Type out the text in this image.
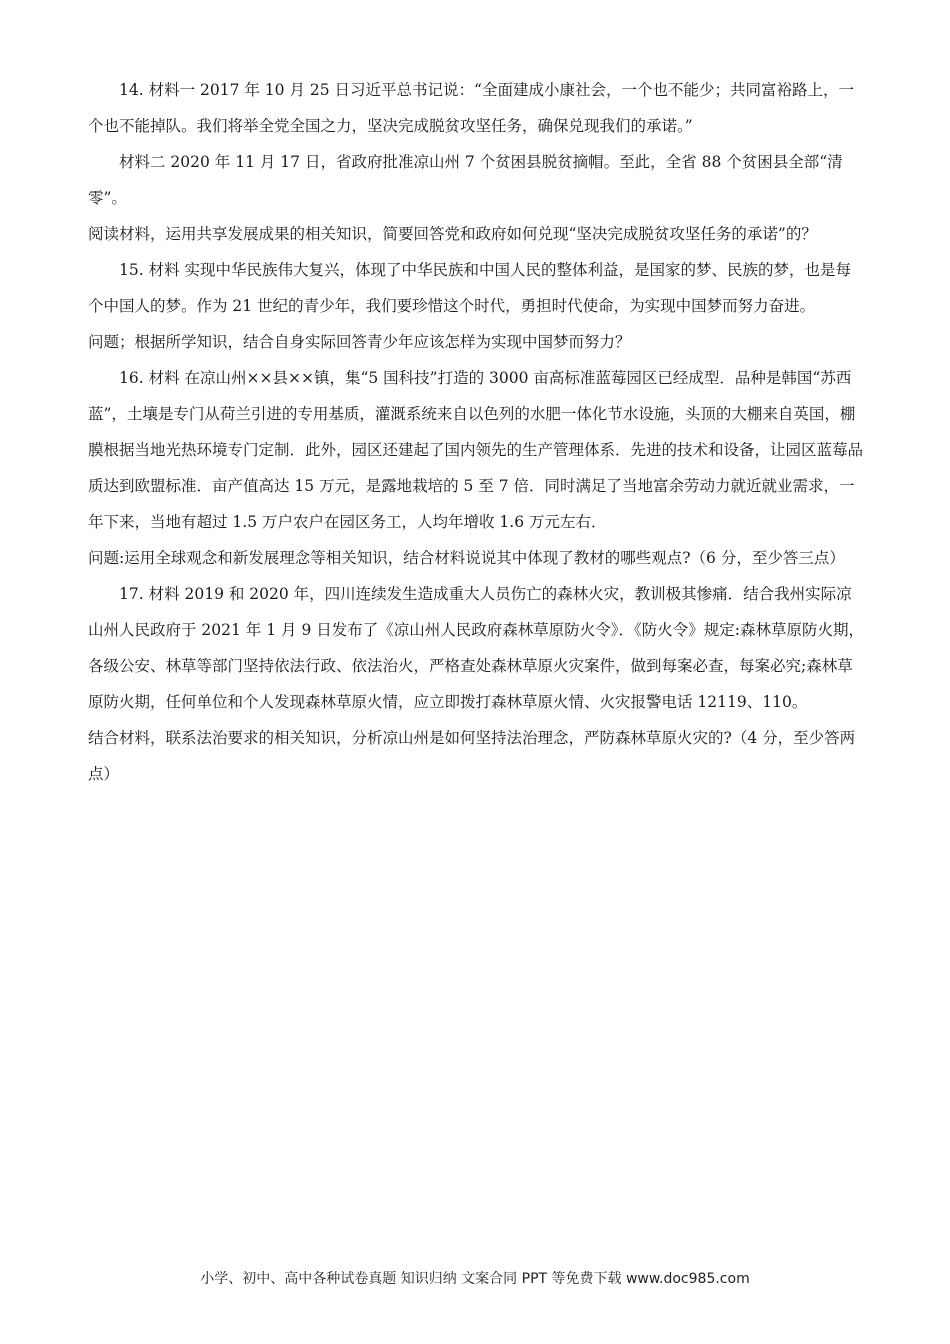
14. 材料一 2017 年 10 月 25 日习近平总书记说：“全面建成小康社会，一个也不能少；共同富裕路上，一个也不能掉队。我们将举全党全国之力，坚决完成脱贫攻坚任务，确保兑现我们的承诺。”

材料二 2020 年 11 月 17 日，省政府批准凉山州 7 个贫困县脱贫摘帽。至此，全省 88 个贫困县全部“清零”。

阅读材料，运用共享发展成果的相关知识，简要回答党和政府如何兑现“坚决完成脱贫攻坚任务的承诺”的？

15. 材料 实现中华民族伟大复兴，体现了中华民族和中国人民的整体利益，是国家的梦、民族的梦，也是每个中国人的梦。作为 21 世纪的青少年，我们要珍惜这个时代，勇担时代使命，为实现中国梦而努力奋进。

问题；根据所学知识，结合自身实际回答青少年应该怎样为实现中国梦而努力？

16. 材料 在凉山州××县××镇，集“5 国科技”打造的 3000 亩高标准蓝莓园区已经成型．品种是韩国“苏西蓝”，土壤是专门从荷兰引进的专用基质，灌溉系统来自以色列的水肥一体化节水设施，头顶的大棚来自英国，棚膜根据当地光热环境专门定制．此外，园区还建起了国内领先的生产管理体系．先进的技术和设备，让园区蓝莓品质达到欧盟标准．亩产值高达 15 万元，是露地栽培的 5 至 7 倍．同时满足了当地富余劳动力就近就业需求，一年下来，当地有超过 1.5 万户农户在园区务工，人均年增收 1.6 万元左右．

问题:运用全球观念和新发展理念等相关知识，结合材料说说其中体现了教材的哪些观点?（6 分，至少答三点）

17. 材料 2019 和 2020 年，四川连续发生造成重大人员伤亡的森林火灾，教训极其惨痛．结合我州实际凉山州人民政府于 2021 年 1 月 9 日发布了《凉山州人民政府森林草原防火令》．《防火令》规定:森林草原防火期，各级公安、林草等部门坚持依法行政、依法治火，严格查处森林草原火灾案件，做到每案必查，每案必究;森林草原防火期，任何单位和个人发现森林草原火情，应立即拨打森林草原火情、火灾报警电话 12119、110。

结合材料，联系法治要求的相关知识，分析凉山州是如何坚持法治理念，严防森林草原火灾的?（4 分，至少答两点）

小学、初中、高中各种试卷真题 知识归纳 文案合同 PPT 等免费下载 www.doc985.com
